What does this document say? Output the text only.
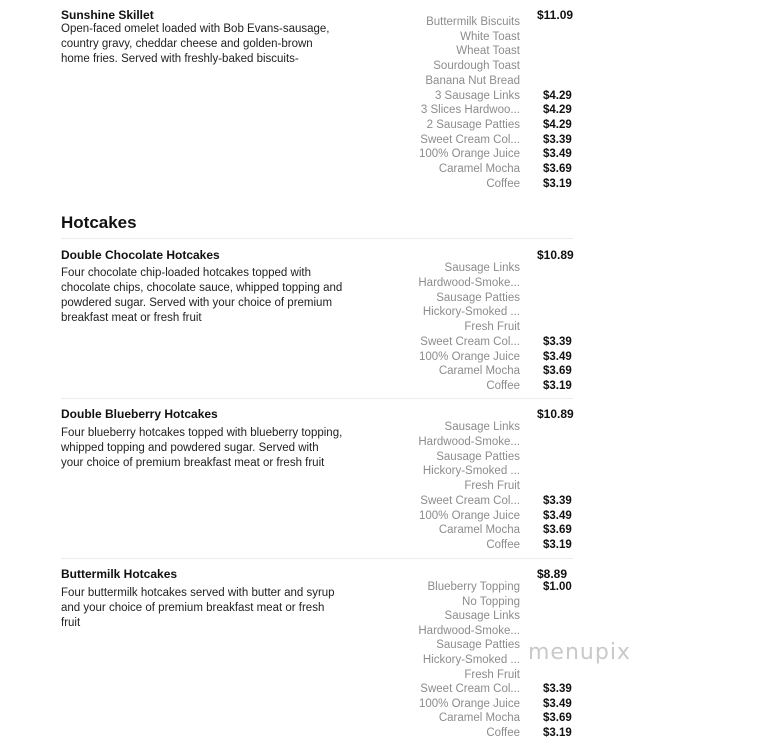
Sunshine Skillet	$11.09
Open-faced omelet loaded with Bob Evans-sausage, country gravy, cheddar cheese and golden-brown home fries. Served with freshly-baked biscuits-
Buttermilk Biscuits
White Toast
Wheat Toast
Sourdough Toast
Banana Nut Bread
3 Sausage Links $4.29
3 Slices Hardwoo... $4.29
2 Sausage Patties $4.29
Sweet Cream Col... $3.39
100% Orange Juice $3.49
Caramel Mocha $3.69
Coffee $3.19
Hotcakes
Double Chocolate Hotcakes	$10.89
Four chocolate chip-loaded hotcakes topped with chocolate chips, chocolate sauce, whipped topping and powdered sugar. Served with your choice of premium breakfast meat or fresh fruit
Sausage Links
Hardwood-Smoke...
Sausage Patties
Hickory-Smoked ...
Fresh Fruit
Sweet Cream Col... $3.39
100% Orange Juice $3.49
Caramel Mocha $3.69
Coffee $3.19
Double Blueberry Hotcakes	$10.89
Four blueberry hotcakes topped with blueberry topping, whipped topping and powdered sugar. Served with your choice of premium breakfast meat or fresh fruit
Sausage Links
Hardwood-Smoke...
Sausage Patties
Hickory-Smoked ...
Fresh Fruit
Sweet Cream Col... $3.39
100% Orange Juice $3.49
Caramel Mocha $3.69
Coffee $3.19
Buttermilk Hotcakes	$8.89
Four buttermilk hotcakes served with butter and syrup and your choice of premium breakfast meat or fresh fruit
Blueberry Topping $1.00
No Topping
Sausage Links
Hardwood-Smoke...
Sausage Patties
Hickory-Smoked ...
Fresh Fruit
Sweet Cream Col... $3.39
100% Orange Juice $3.49
Caramel Mocha $3.69
Coffee $3.19
menupix
